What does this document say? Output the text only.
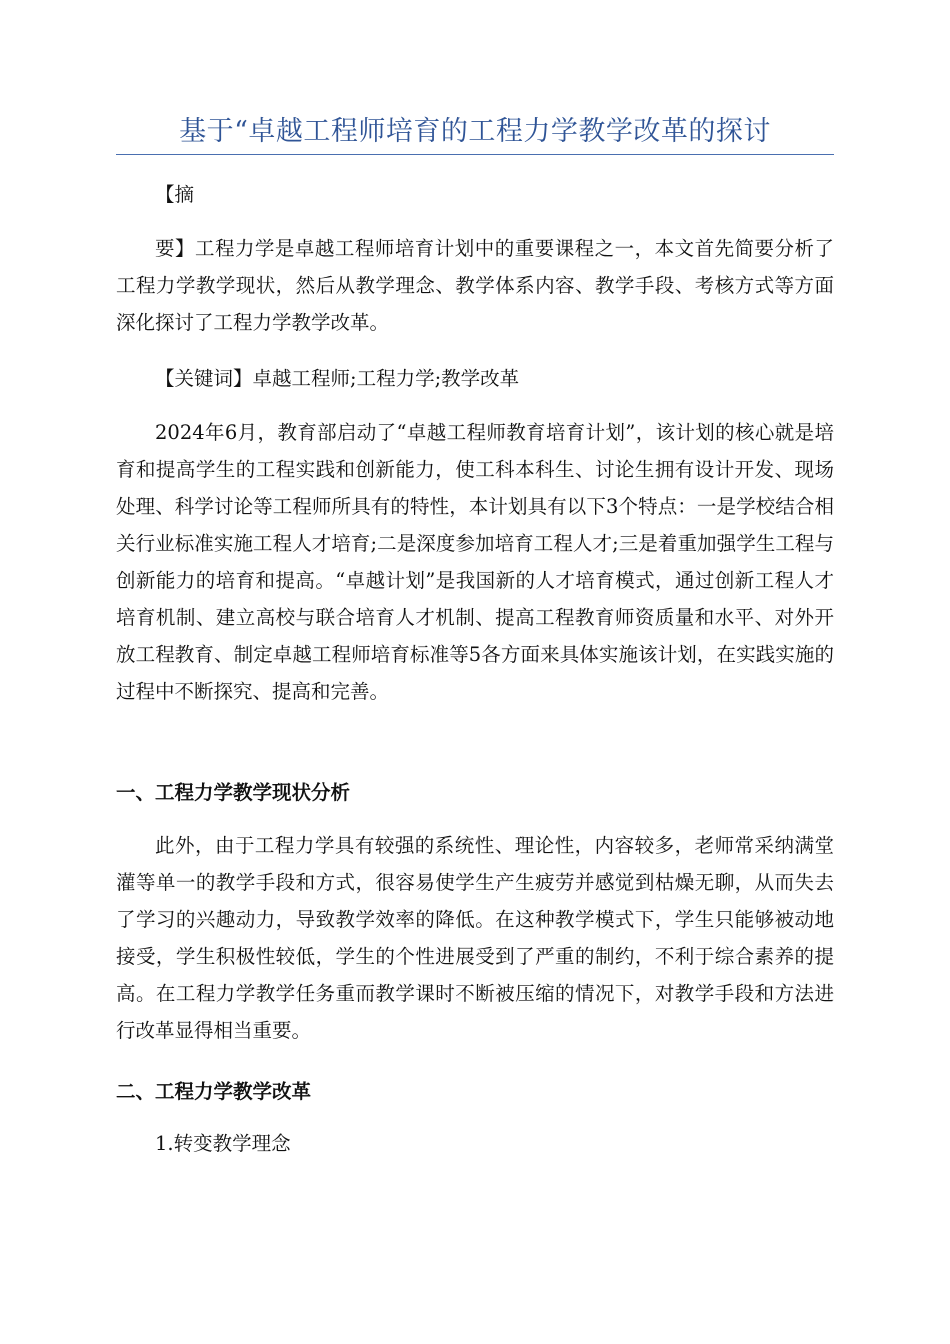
基于“卓越工程师培育的工程力学教学改革的探讨

【摘

要】工程力学是卓越工程师培育计划中的重要课程之一，本文首先简要分析了工程力学教学现状，然后从教学理念、教学体系内容、教学手段、考核方式等方面深化探讨了工程力学教学改革。

【关键词】卓越工程师;工程力学;教学改革

2024年6月，教育部启动了“卓越工程师教育培育计划”，该计划的核心就是培育和提高学生的工程实践和创新能力，使工科本科生、讨论生拥有设计开发、现场处理、科学讨论等工程师所具有的特性，本计划具有以下3个特点：一是学校结合相关行业标准实施工程人才培育;二是深度参加培育工程人才;三是着重加强学生工程与创新能力的培育和提高。“卓越计划”是我国新的人才培育模式，通过创新工程人才培育机制、建立高校与联合培育人才机制、提高工程教育师资质量和水平、对外开放工程教育、制定卓越工程师培育标准等5各方面来具体实施该计划，在实践实施的过程中不断探究、提高和完善。

一、工程力学教学现状分析

此外，由于工程力学具有较强的系统性、理论性，内容较多，老师常采纳满堂灌等单一的教学手段和方式，很容易使学生产生疲劳并感觉到枯燥无聊，从而失去了学习的兴趣动力，导致教学效率的降低。在这种教学模式下，学生只能够被动地接受，学生积极性较低，学生的个性进展受到了严重的制约，不利于综合素养的提高。在工程力学教学任务重而教学课时不断被压缩的情况下，对教学手段和方法进行改革显得相当重要。

二、工程力学教学改革

1.转变教学理念
